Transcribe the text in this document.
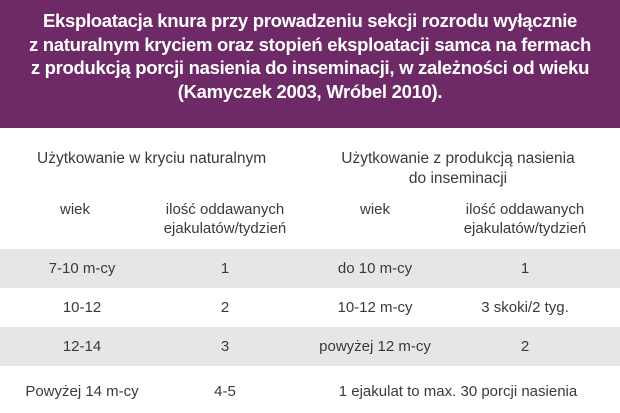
Eksploatacja knura przy prowadzeniu sekcji rozrodu wyłącznie
z naturalnym kryciem oraz stopień eksploatacji samca na fermach
z produkcją porcji nasienia do inseminacji, w zależności od wieku
(Kamyczek 2003, Wróbel 2010).

Użytkowanie w kryciu naturalnym	Użytkowanie z produkcją nasienia
do inseminacji
wiek	ilość oddawanych
ejakulatów/tydzień
wiek	ilość oddawanych
ejakulatów/tydzień
7-10 m-cy	1	do 10 m-cy	1
10-12	2	10-12 m-cy	3 skoki/2 tyg.
12-14	3	powyżej 12 m-cy	2
Powyżej 14 m-cy	4-5	1 ejakulat to max. 30 porcji nasienia
